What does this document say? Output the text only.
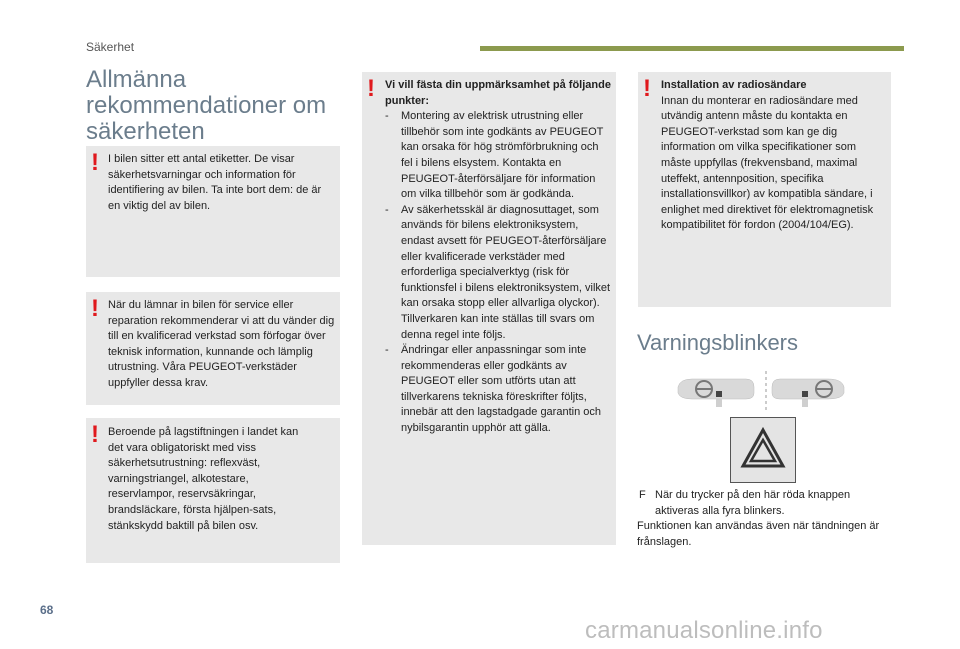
Säkerhet
Allmänna rekommendationer om säkerheten
! I bilen sitter ett antal etiketter. De visar säkerhetsvarningar och information för identifiering av bilen. Ta inte bort dem: de är en viktig del av bilen.

! När du lämnar in bilen för service eller reparation rekommenderar vi att du vänder dig till en kvalificerad verkstad som förfogar över teknisk information, kunnande och lämplig utrustning. Våra PEUGEOT-verkstäder uppfyller dessa krav.

! Beroende på lagstiftningen i landet kan det vara obligatoriskt med viss säkerhetsutrustning: reflexväst, varningstriangel, alkotestare, reservlampor, reservsäkringar, brandsläckare, första hjälpen-sats, stänkskydd baktill på bilen osv.

! Vi vill fästa din uppmärksamhet på följande punkter:

- Montering av elektrisk utrustning eller tillbehör som inte godkänts av PEUGEOT kan orsaka för hög strömförbrukning och fel i bilens elsystem. Kontakta en PEUGEOT-återförsäljare för information om vilka tillbehör som är godkända.
- Av säkerhetsskäl är diagnosuttaget, som används för bilens elektroniksystem, endast avsett för PEUGEOT-återförsäljare eller kvalificerade verkstäder med erforderliga specialverktyg (risk för funktionsfel i bilens elektroniksystem, vilket kan orsaka stopp eller allvarliga olyckor). Tillverkaren kan inte ställas till svars om denna regel inte följs.
- Ändringar eller anpassningar som inte rekommenderas eller godkänts av PEUGEOT eller som utförts utan att tillverkarens tekniska föreskrifter följts, innebär att den lagstadgade garantin och nybilsgarantin upphör att gälla.
! Installation av radiosändare

Innan du monterar en radiosändare med utvändig antenn måste du kontakta en PEUGEOT-verkstad som kan ge dig information om vilka specifikationer som måste uppfyllas (frekvensband, maximal uteffekt, antennposition, specifika installationsvillkor) av kompatibla sändare, i enlighet med direktivet för elektromagnetisk kompatibilitet för fordon (2004/104/EG).

Varningsblinkers
F När du trycker på den här röda knappen aktiveras alla fyra blinkers.

Funktionen kan användas även när tändningen är frånslagen.

68
carmanualsonline.info
